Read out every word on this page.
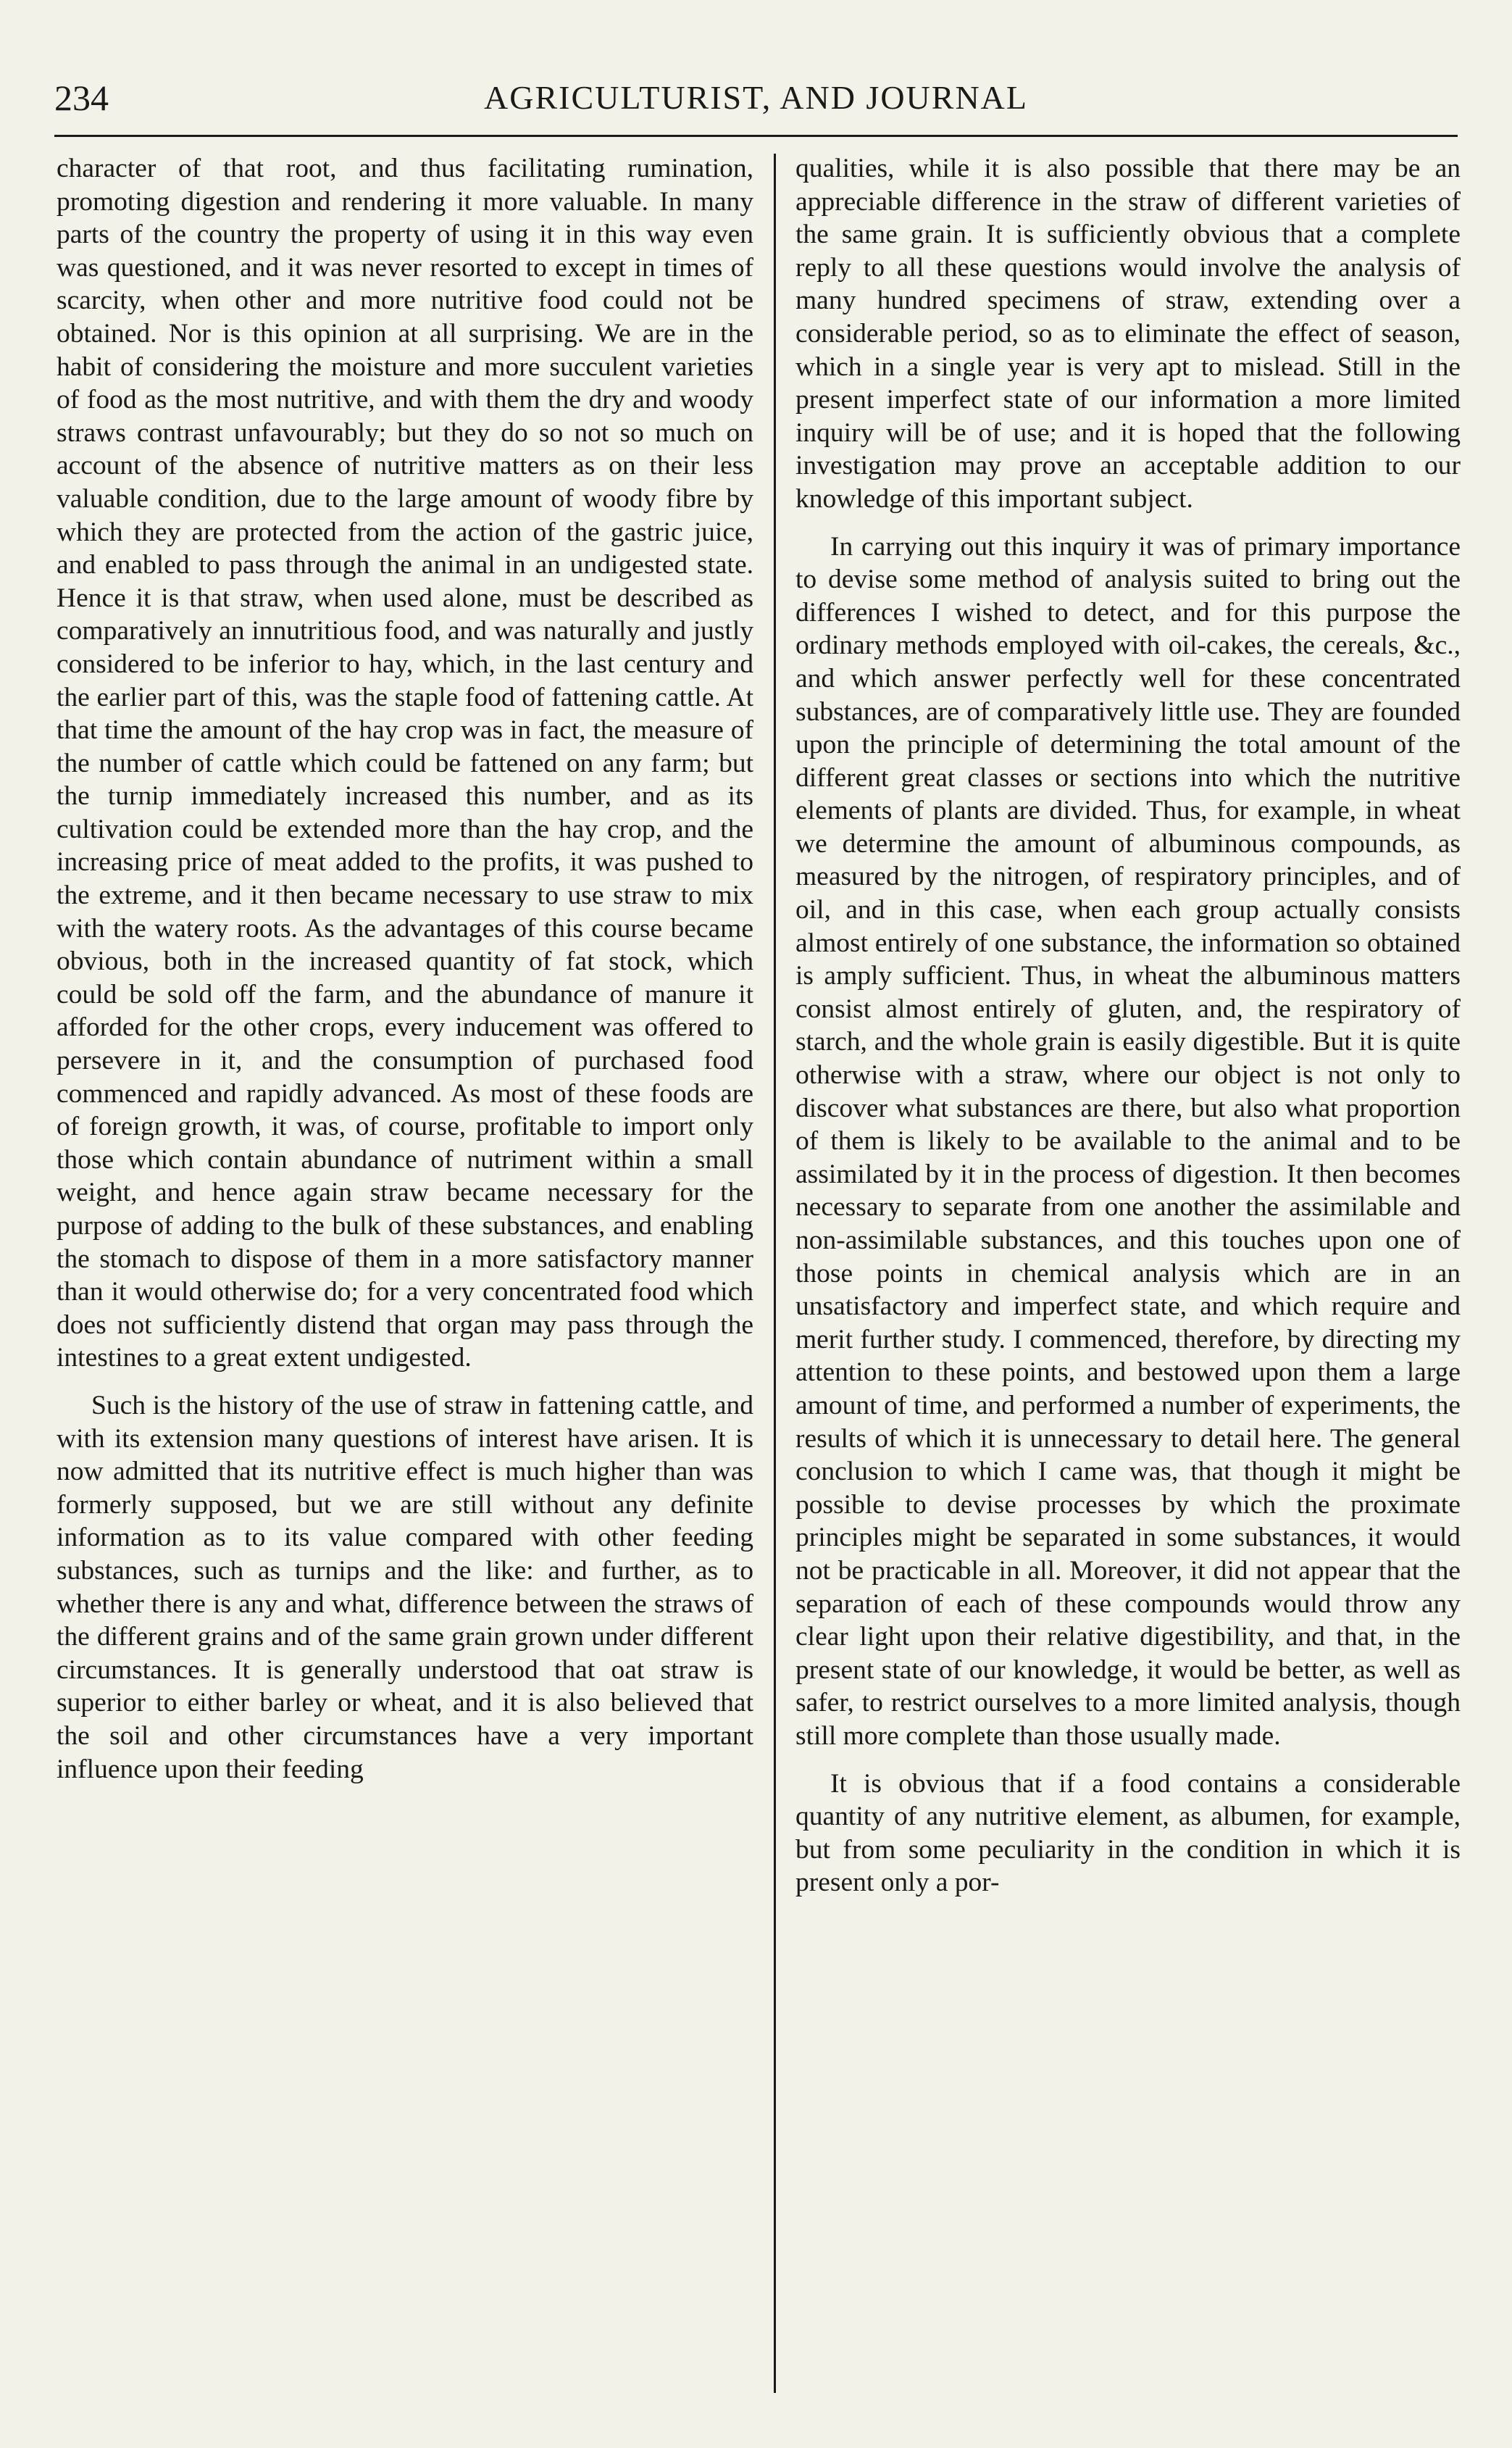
234	AGRICULTURIST, AND JOURNAL

character of that root, and thus facilitating rumination, promoting digestion and rendering it more valuable. In many parts of the country the property of using it in this way even was questioned, and it was never resorted to except in times of scarcity, when other and more nutritive food could not be obtained. Nor is this opinion at all surprising. We are in the habit of considering the moisture and more succulent varieties of food as the most nutritive, and with them the dry and woody straws contrast unfavourably; but they do so not so much on account of the absence of nutritive matters as on their less valuable condition, due to the large amount of woody fibre by which they are protected from the action of the gastric juice, and enabled to pass through the animal in an undigested state. Hence it is that straw, when used alone, must be described as comparatively an innutritious food, and was naturally and justly considered to be inferior to hay, which, in the last century and the earlier part of this, was the staple food of fattening cattle. At that time the amount of the hay crop was in fact, the measure of the number of cattle which could be fattened on any farm; but the turnip immediately increased this number, and as its cultivation could be extended more than the hay crop, and the increasing price of meat added to the profits, it was pushed to the extreme, and it then became necessary to use straw to mix with the watery roots. As the advantages of this course became obvious, both in the increased quantity of fat stock, which could be sold off the farm, and the abundance of manure it afforded for the other crops, every inducement was offered to persevere in it, and the consumption of purchased food commenced and rapidly advanced. As most of these foods are of foreign growth, it was, of course, profitable to import only those which contain abundance of nutriment within a small weight, and hence again straw became necessary for the purpose of adding to the bulk of these substances, and enabling the stomach to dispose of them in a more satisfactory manner than it would otherwise do; for a very concentrated food which does not sufficiently distend that organ may pass through the intestines to a great extent undigested.

Such is the history of the use of straw in fattening cattle, and with its extension many questions of interest have arisen. It is now admitted that its nutritive effect is much higher than was formerly supposed, but we are still without any definite information as to its value compared with other feeding substances, such as turnips and the like: and further, as to whether there is any and what, difference between the straws of the different grains and of the same grain grown under different circumstances. It is generally understood that oat straw is superior to either barley or wheat, and it is also believed that the soil and other circumstances have a very important influence upon their feeding

qualities, while it is also possible that there may be an appreciable difference in the straw of different varieties of the same grain. It is sufficiently obvious that a complete reply to all these questions would involve the analysis of many hundred specimens of straw, extending over a considerable period, so as to eliminate the effect of season, which in a single year is very apt to mislead. Still in the present imperfect state of our information a more limited inquiry will be of use; and it is hoped that the following investigation may prove an acceptable addition to our knowledge of this important subject.

In carrying out this inquiry it was of primary importance to devise some method of analysis suited to bring out the differences I wished to detect, and for this purpose the ordinary methods employed with oil-cakes, the cereals, &c., and which answer perfectly well for these concentrated substances, are of comparatively little use. They are founded upon the principle of determining the total amount of the different great classes or sections into which the nutritive elements of plants are divided. Thus, for example, in wheat we determine the amount of albuminous compounds, as measured by the nitrogen, of respiratory principles, and of oil, and in this case, when each group actually consists almost entirely of one substance, the information so obtained is amply sufficient. Thus, in wheat the albuminous matters consist almost entirely of gluten, and, the respiratory of starch, and the whole grain is easily digestible. But it is quite otherwise with a straw, where our object is not only to discover what substances are there, but also what proportion of them is likely to be available to the animal and to be assimilated by it in the process of digestion. It then becomes necessary to separate from one another the assimilable and non-assimilable substances, and this touches upon one of those points in chemical analysis which are in an unsatisfactory and imperfect state, and which require and merit further study. I commenced, therefore, by directing my attention to these points, and bestowed upon them a large amount of time, and performed a number of experiments, the results of which it is unnecessary to detail here. The general conclusion to which I came was, that though it might be possible to devise processes by which the proximate principles might be separated in some substances, it would not be practicable in all. Moreover, it did not appear that the separation of each of these compounds would throw any clear light upon their relative digestibility, and that, in the present state of our knowledge, it would be better, as well as safer, to restrict ourselves to a more limited analysis, though still more complete than those usually made.

It is obvious that if a food contains a considerable quantity of any nutritive element, as albumen, for example, but from some peculiarity in the condition in which it is present only a por-
